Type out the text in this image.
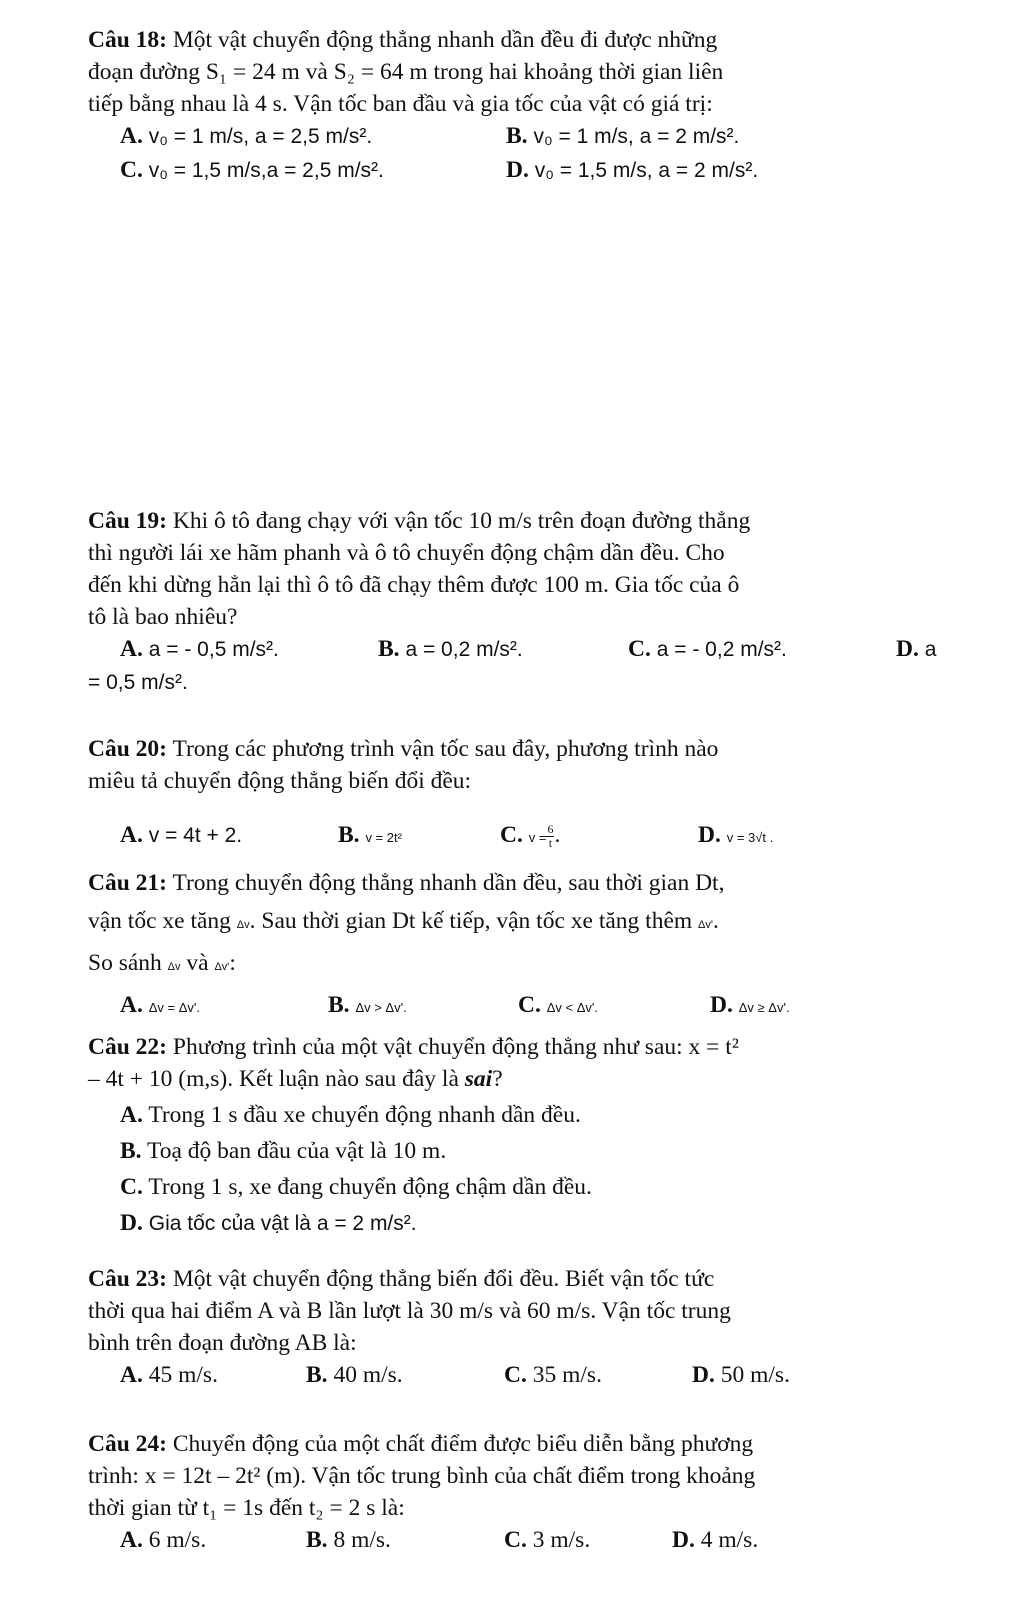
Câu 18: Một vật chuyển động thẳng nhanh dần đều đi được những
đoạn đường S₁ = 24 m và S₂ = 64 m trong hai khoảng thời gian liên
tiếp bằng nhau là 4 s. Vận tốc ban đầu và gia tốc của vật có giá trị:
A. v₀ = 1 m/s, a = 2,5 m/s².	B. v₀ = 1 m/s, a = 2 m/s².
C. v₀ = 1,5 m/s,a = 2,5 m/s².	D. v₀ = 1,5 m/s, a = 2 m/s².
Câu 19: Khi ô tô đang chạy với vận tốc 10 m/s trên đoạn đường thẳng
thì người lái xe hãm phanh và ô tô chuyển động chậm dần đều. Cho
đến khi dừng hẳn lại thì ô tô đã chạy thêm được 100 m. Gia tốc của ô
tô là bao nhiêu?
A. a = - 0,5 m/s².	B. a = 0,2 m/s².	C. a = - 0,2 m/s².	D. a
= 0,5 m/s².
Câu 20: Trong các phương trình vận tốc sau đây, phương trình nào
miêu tả chuyển động thẳng biến đổi đều:
A. v = 4t + 2.	B. v = 2t²	C. $v = \frac{6}{t}$ .	D. v = 3√t .
Câu 21: Trong chuyển động thẳng nhanh dần đều, sau thời gian Dt,
vận tốc xe tăng Δv. Sau thời gian Dt kế tiếp, vận tốc xe tăng thêm Δv'.
So sánh Δv và Δv':
A. Δv = Δv'.	B. Δv > Δv'.	C. Δv < Δv'.	D. Δv ≥ Δv'.
Câu 22: Phương trình của một vật chuyển động thẳng như sau: x = t²
– 4t + 10 (m,s). Kết luận nào sau đây là sai?
A. Trong 1 s đầu xe chuyển động nhanh dần đều.
B. Toạ độ ban đầu của vật là 10 m.
C. Trong 1 s, xe đang chuyển động chậm dần đều.
D. Gia tốc của vật là a = 2 m/s².
Câu 23: Một vật chuyển động thẳng biến đổi đều. Biết vận tốc tức
thời qua hai điểm A và B lần lượt là 30 m/s và 60 m/s. Vận tốc trung
bình trên đoạn đường AB là:
A. 45 m/s.	B. 40 m/s.	C. 35 m/s.	D. 50 m/s.
Câu 24: Chuyển động của một chất điểm được biểu diễn bằng phương
trình: x = 12t – 2t² (m). Vận tốc trung bình của chất điểm trong khoảng
thời gian từ t₁ = 1s đến t₂ = 2 s là:
A. 6 m/s.	B. 8 m/s.	C. 3 m/s.	D. 4 m/s.
